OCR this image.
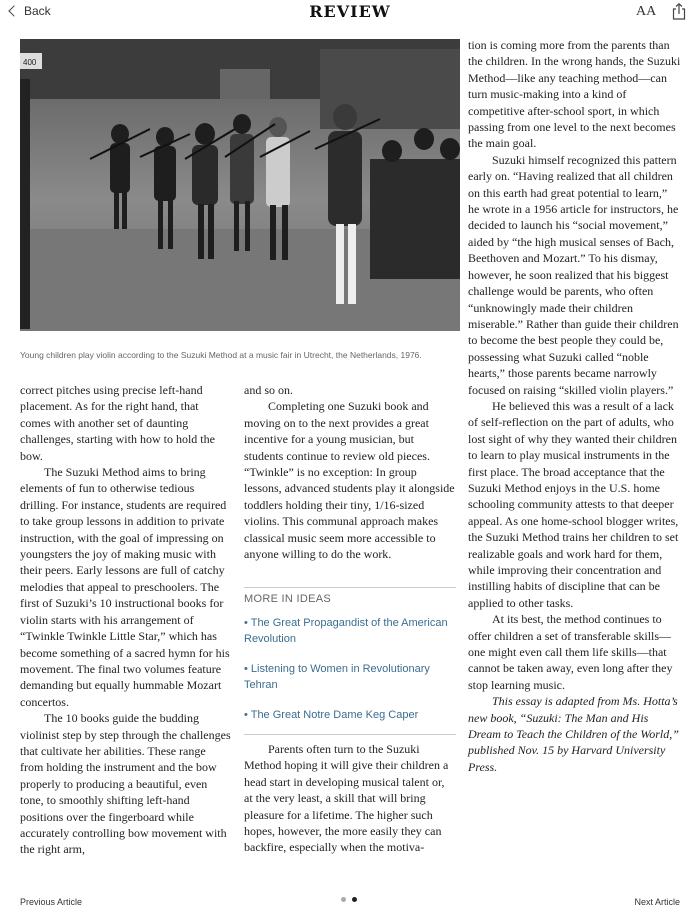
Back	REVIEW	AA
400
Young children play violin according to the Suzuki Method at a music fair in Utrecht, the Netherlands, 1976.

correct pitches using precise left-hand placement. As for the right hand, that comes with another set of daunting challenges, starting with how to hold the bow.

The Suzuki Method aims to bring elements of fun to otherwise tedious drilling. For instance, students are required to take group lessons in addition to private instruction, with the goal of impressing on youngsters the joy of making music with their peers. Early lessons are full of catchy melodies that appeal to preschoolers. The first of Suzuki’s 10 instructional books for violin starts with his arrangement of “Twinkle Twinkle Little Star,” which has become something of a sacred hymn for his movement. The final two volumes feature demanding but equally hummable Mozart concertos.

The 10 books guide the budding violinist step by step through the challenges that cultivate her abilities. These range from holding the instrument and the bow properly to producing a beautiful, even tone, to smoothly shifting left-hand positions over the fingerboard while accurately controlling bow movement with the right arm,

and so on.

Completing one Suzuki book and moving on to the next provides a great incentive for a young musician, but students continue to review old pieces. “Twinkle” is no exception: In group lessons, advanced students play it alongside toddlers holding their tiny, 1/16-sized violins. This communal approach makes classical music seem more accessible to anyone willing to do the work.

MORE IN IDEAS
• The Great Propagandist of the American Revolution
• Listening to Women in Revolutionary Tehran
• The Great Notre Dame Keg Caper

Parents often turn to the Suzuki Method hoping it will give their children a head start in developing musical talent or, at the very least, a skill that will bring pleasure for a lifetime. The higher such hopes, however, the more easily they can backfire, especially when the motiva-

tion is coming more from the parents than the children. In the wrong hands, the Suzuki Method—like any teaching method—can turn music-making into a kind of competitive after-school sport, in which passing from one level to the next becomes the main goal.

Suzuki himself recognized this pattern early on. “Having realized that all children on this earth had great potential to learn,” he wrote in a 1956 article for instructors, he decided to launch his “social movement,” aided by “the high musical senses of Bach, Beethoven and Mozart.” To his dismay, however, he soon realized that his biggest challenge would be parents, who often “unknowingly made their children miserable.” Rather than guide their children to become the best people they could be, possessing what Suzuki called “noble hearts,” those parents became narrowly focused on raising “skilled violin players.”

He believed this was a result of a lack of self-reflection on the part of adults, who lost sight of why they wanted their children to learn to play musical instruments in the first place. The broad acceptance that the Suzuki Method enjoys in the U.S. home schooling community attests to that deeper appeal. As one home-school blogger writes, the Suzuki Method trains her children to set realizable goals and work hard for them, while improving their concentration and instilling habits of discipline that can be applied to other tasks.

At its best, the method continues to offer children a set of transferable skills—one might even call them life skills—that cannot be taken away, even long after they stop learning music.

This essay is adapted from Ms. Hotta’s new book, “Suzuki: The Man and His Dream to Teach the Children of the World,” published Nov. 15 by Harvard University Press.

Previous Article	Next Article
